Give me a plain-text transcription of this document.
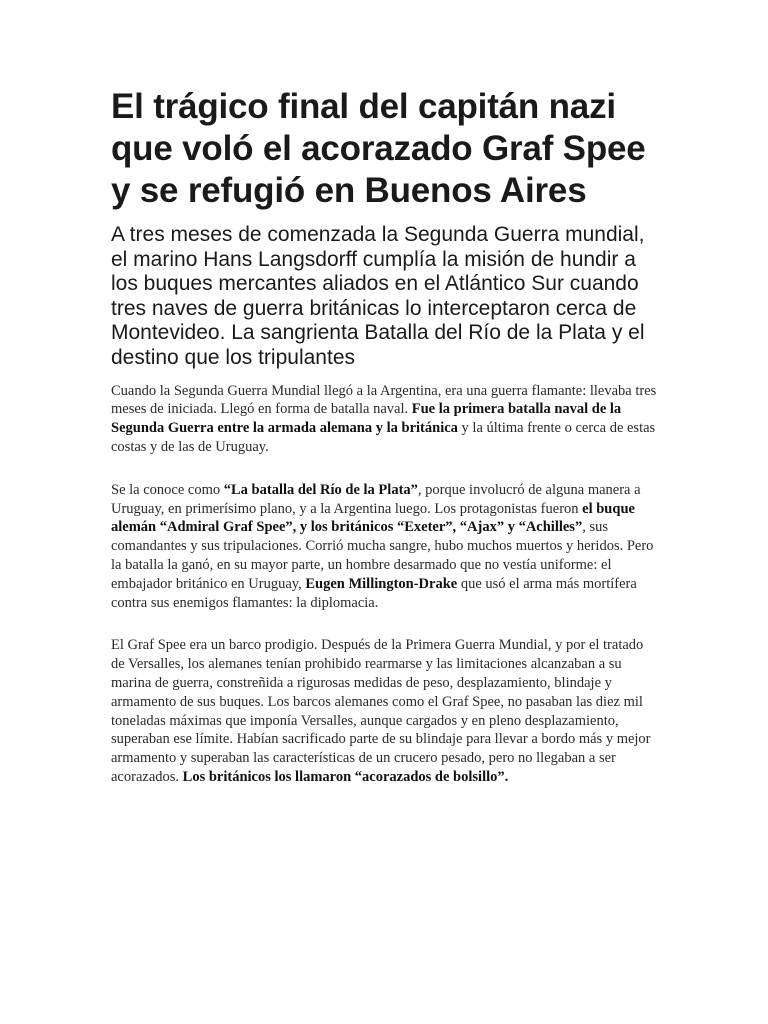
El trágico final del capitán nazi que voló el acorazado Graf Spee y se refugió en Buenos Aires

A tres meses de comenzada la Segunda Guerra mundial, el marino Hans Langsdorff cumplía la misión de hundir a los buques mercantes aliados en el Atlántico Sur cuando tres naves de guerra británicas lo interceptaron cerca de Montevideo. La sangrienta Batalla del Río de la Plata y el destino que los tripulantes

Cuando la Segunda Guerra Mundial llegó a la Argentina, era una guerra flamante: llevaba tres meses de iniciada. Llegó en forma de batalla naval. Fue la primera batalla naval de la Segunda Guerra entre la armada alemana y la británica y la última frente o cerca de estas costas y de las de Uruguay.

Se la conoce como “La batalla del Río de la Plata”, porque involucró de alguna manera a Uruguay, en primerísimo plano, y a la Argentina luego. Los protagonistas fueron el buque alemán “Admiral Graf Spee”, y los británicos “Exeter”, “Ajax” y “Achilles”, sus comandantes y sus tripulaciones. Corrió mucha sangre, hubo muchos muertos y heridos. Pero la batalla la ganó, en su mayor parte, un hombre desarmado que no vestía uniforme: el embajador británico en Uruguay, Eugen Millington-Drake que usó el arma más mortífera contra sus enemigos flamantes: la diplomacia.

El Graf Spee era un barco prodigio. Después de la Primera Guerra Mundial, y por el tratado de Versalles, los alemanes tenían prohibido rearmarse y las limitaciones alcanzaban a su marina de guerra, constreñida a rigurosas medidas de peso, desplazamiento, blindaje y armamento de sus buques. Los barcos alemanes como el Graf Spee, no pasaban las diez mil toneladas máximas que imponía Versalles, aunque cargados y en pleno desplazamiento, superaban ese límite. Habían sacrificado parte de su blindaje para llevar a bordo más y mejor armamento y superaban las características de un crucero pesado, pero no llegaban a ser acorazados. Los británicos los llamaron “acorazados de bolsillo”.
